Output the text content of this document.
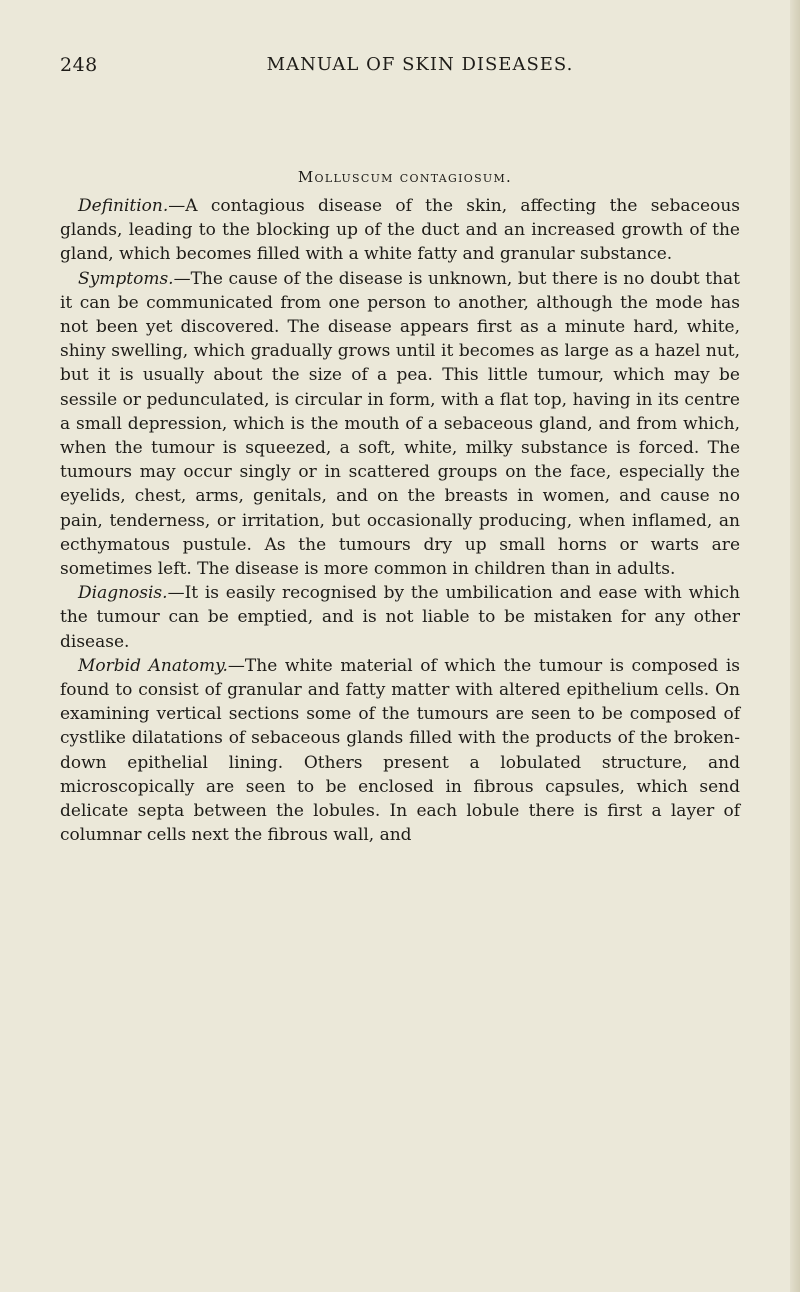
248	MANUAL OF SKIN DISEASES.
Molluscum contagiosum.

Definition.—A contagious disease of the skin, affecting the sebaceous glands, leading to the blocking up of the duct and an increased growth of the gland, which becomes filled with a white fatty and granular substance.

Symptoms.—The cause of the disease is unknown, but there is no doubt that it can be communicated from one person to another, although the mode has not been yet discovered. The disease appears first as a minute hard, white, shiny swelling, which gradually grows until it becomes as large as a hazel nut, but it is usually about the size of a pea. This little tumour, which may be sessile or pedunculated, is circular in form, with a flat top, having in its centre a small depression, which is the mouth of a sebaceous gland, and from which, when the tumour is squeezed, a soft, white, milky substance is forced. The tumours may occur singly or in scattered groups on the face, especially the eyelids, chest, arms, genitals, and on the breasts in women, and cause no pain, tenderness, or irritation, but occasionally producing, when inflamed, an ecthymatous pustule. As the tumours dry up small horns or warts are sometimes left. The disease is more common in children than in adults.

Diagnosis.—It is easily recognised by the umbilication and ease with which the tumour can be emptied, and is not liable to be mistaken for any other disease.

Morbid Anatomy.—The white material of which the tumour is composed is found to consist of granular and fatty matter with altered epithelium cells. On examining vertical sections some of the tumours are seen to be composed of cystlike dilatations of sebaceous glands filled with the products of the broken-down epithelial lining. Others present a lobulated structure, and microscopically are seen to be enclosed in fibrous capsules, which send delicate septa between the lobules. In each lobule there is first a layer of columnar cells next the fibrous wall, and
